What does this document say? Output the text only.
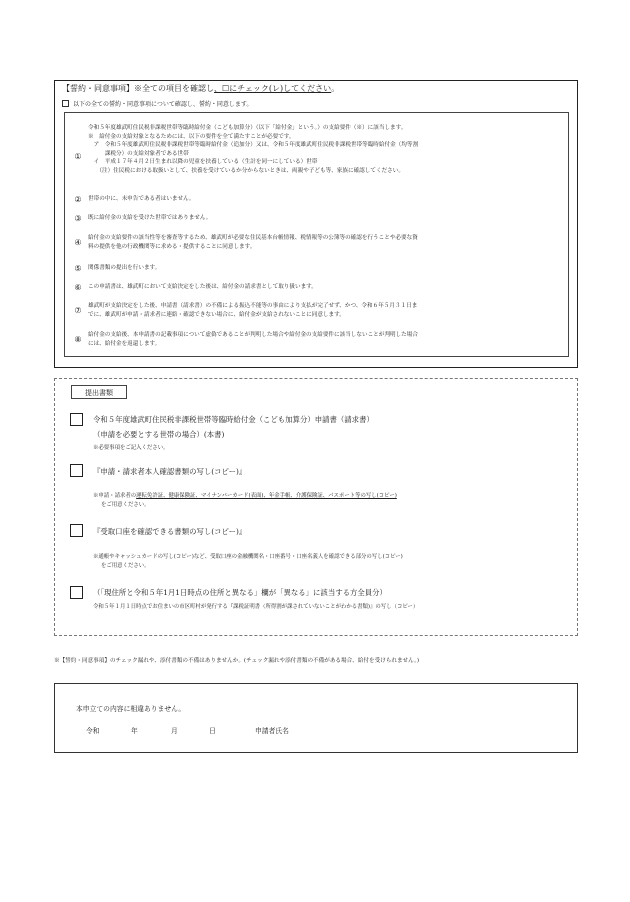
【誓約・同意事項】※全ての項目を確認し、☐にチェック(レ)してください。
以下の全ての誓約・同意事項について確認し、誓約・同意します。
①
令和５年度雄武町住民税非課税世帯等臨時給付金（こども加算分）（以下「給付金」という。）の支給要件（※）に該当します。
※　給付金の支給対象となるためには、以下の要件を全て満たすことが必要です。
　ア　令和５年度雄武町住民税非課税世帯等臨時給付金（追加分）又は、令和５年度雄武町住民税非課税世帯等臨時給付金（均等割
　　　課税分）の支給対象者である世帯
　イ　平成１７年４月２日生まれ以降の児童を扶養している（生計を同一にしている）世帯
　　（注）住民税における取扱いとして、扶養を受けているか分からないときは、両親や子ども等、家族に確認してください。
②	世帯の中に、未申告である者はいません。
③	既に給付金の支給を受けた世帯ではありません。
④	給付金の支給要件の該当性等を審査等するため、雄武町が必要な住民基本台帳情報、税情報等の公簿等の確認を行うことや必要な資
料の提供を他の行政機関等に求める・提供することに同意します。
⑤	関係書類の提出を行います。
⑥	この申請書は、雄武町において支給決定をした後は、給付金の請求書として取り扱います。
⑦	雄武町が支給決定をした後、申請書（請求書）の不備による振込不能等の事由により支払が完了せず、かつ、令和６年５月３１日ま
でに、雄武町が申請・請求者に連絡・確認できない場合に、給付金が支給されないことに同意します。
⑧	給付金の支給後、本申請書の記載事項について虚偽であることが判明した場合や給付金の支給要件に該当しないことが判明した場合
には、給付金を返還します。
提出書類
令和５年度雄武町住民税非課税世帯等臨時給付金（こども加算分）申請書（請求書）
（申請を必要とする世帯の場合）(本書)
※必要事項をご記入ください。
『申請・請求者本人確認書類の写し(コピー)』
※申請・請求者の運転免許証、健康保険証、マイナンバーカード(表面)、年金手帳、介護保険証、パスポート等の写し(コピー)
をご用意ください。
『受取口座を確認できる書類の写し(コピー)』
※通帳やキャッシュカードの写し(コピー)など、受取口座の金融機関名・口座番号・口座名義人を確認できる部分の写し(コピー)
をご用意ください。
（「現住所と令和５年1月1日時点の住所と異なる」欄が「異なる」に該当する方全員分）
令和５年１月１日時点でお住まいの市区町村が発行する『課税証明書（所得割が課されていないことがわかる書類)』の写し（コピー）
※【誓約・同意事項】のチェック漏れや、添付書類の不備はありませんか。(チェック漏れや添付書類の不備がある場合、給付を受けられません。)
本申立ての内容に相違ありません。
令和	年	月	日	申請者氏名
